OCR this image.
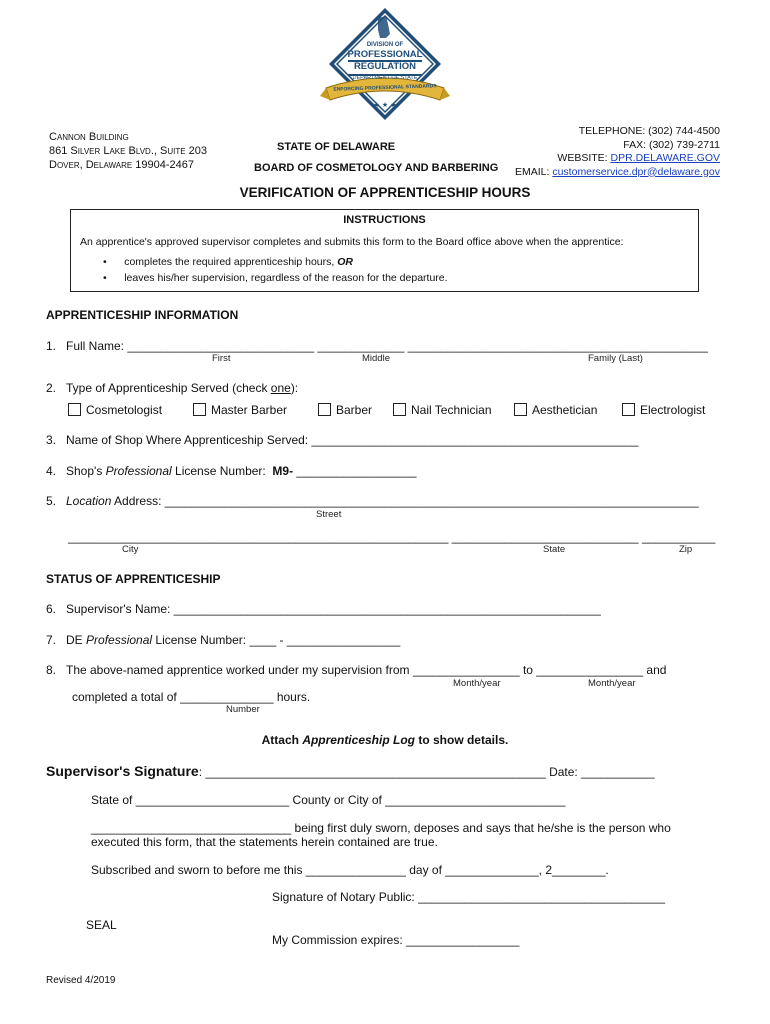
★ ★ ★
DIVISION OF
PROFESSIONAL
REGULATION
DEPARTMENT OF STATE
ENFORCING PROFESSIONAL STANDARDS
Cannon Building
861 Silver Lake Blvd., Suite 203
Dover, Delaware 19904-2467
STATE OF DELAWARE
BOARD OF COSMETOLOGY AND BARBERING
TELEPHONE: (302) 744-4500
FAX: (302) 739-2711
WEBSITE: DPR.DELAWARE.GOV
EMAIL: customerservice.dpr@delaware.gov
VERIFICATION OF APPRENTICESHIP HOURS
INSTRUCTIONS
An apprentice's approved supervisor completes and submits this form to the Board office above when the apprentice:
•      completes the required apprenticeship hours, OR
•      leaves his/her supervision, regardless of the reason for the departure.
APPRENTICESHIP INFORMATION
1. Full Name: ____________________________ _____________ _____________________________________________
First	Middle	Family (Last)
2. Type of Apprenticeship Served (check one):
Cosmetologist	Master Barber	Barber	Nail Technician	Aesthetician	Electrologist
3. Name of Shop Where Apprenticeship Served: _________________________________________________
4. Shop's Professional License Number:  M9- __________________
5. Location Address: ________________________________________________________________________________
Street
_________________________________________________________ ____________________________ ___________
City	State	Zip
STATUS OF APPRENTICESHIP
6. Supervisor's Name: ________________________________________________________________
7. DE Professional License Number: ____ - _________________
8. The above-named apprentice worked under my supervision from ________________ to ________________ and
Month/year	Month/year
completed a total of ______________ hours.
Number
Attach Apprenticeship Log to show details.
Supervisor's Signature: ___________________________________________________ Date: ___________
State of _______________________ County or City of ___________________________
______________________________ being first duly sworn, deposes and says that he/she is the person who
executed this form, that the statements herein contained are true.
Subscribed and sworn to before me this _______________ day of ______________, 2________.
Signature of Notary Public: _____________________________________
SEAL
My Commission expires: _________________
Revised 4/2019
